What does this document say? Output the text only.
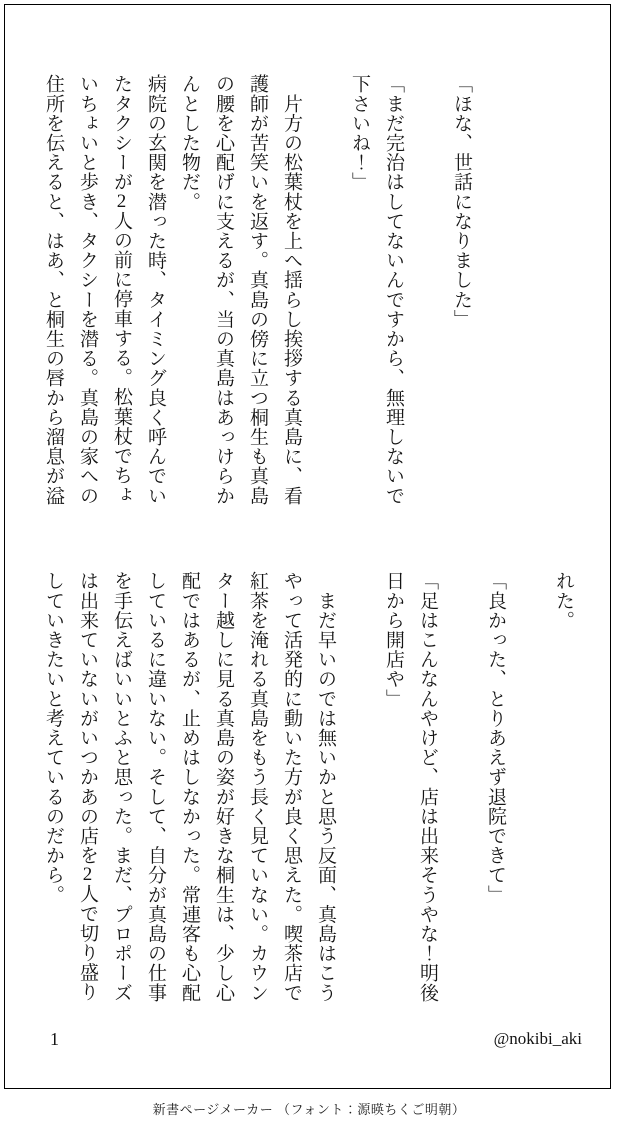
「ほな、世話になりました」
「まだ完治はしてないんですから、無理しないで
下さいね！」
　片方の松葉杖を上へ揺らし挨拶する真島に、看
護師が苦笑いを返す。真島の傍に立つ桐生も真島
の腰を心配げに支えるが、当の真島はあっけらか
んとした物だ。
病院の玄関を潜った時、タイミング良く呼んでい
たタクシーが2人の前に停車する。松葉杖でちょ
いちょいと歩き、タクシーを潜る。真島の家への
住所を伝えると、はあ、と桐生の唇から溜息が溢
れた。
「良かった、とりあえず退院できて」
「足はこんなんやけど、店は出来そうやな！明後
日から開店や」
　まだ早いのでは無いかと思う反面、真島はこう
やって活発的に動いた方が良く思えた。喫茶店で
紅茶を淹れる真島をもう長く見ていない。カウン
ター越しに見る真島の姿が好きな桐生は、少し心
配ではあるが、止めはしなかった。常連客も心配
しているに違いない。そして、自分が真島の仕事
を手伝えばいいとふと思った。まだ、プロポーズ
は出来ていないがいつかあの店を2人で切り盛り
していきたいと考えているのだから。
1	@nokibi_aki
新書ページメーカー （フォント：源暎ちくご明朝）
